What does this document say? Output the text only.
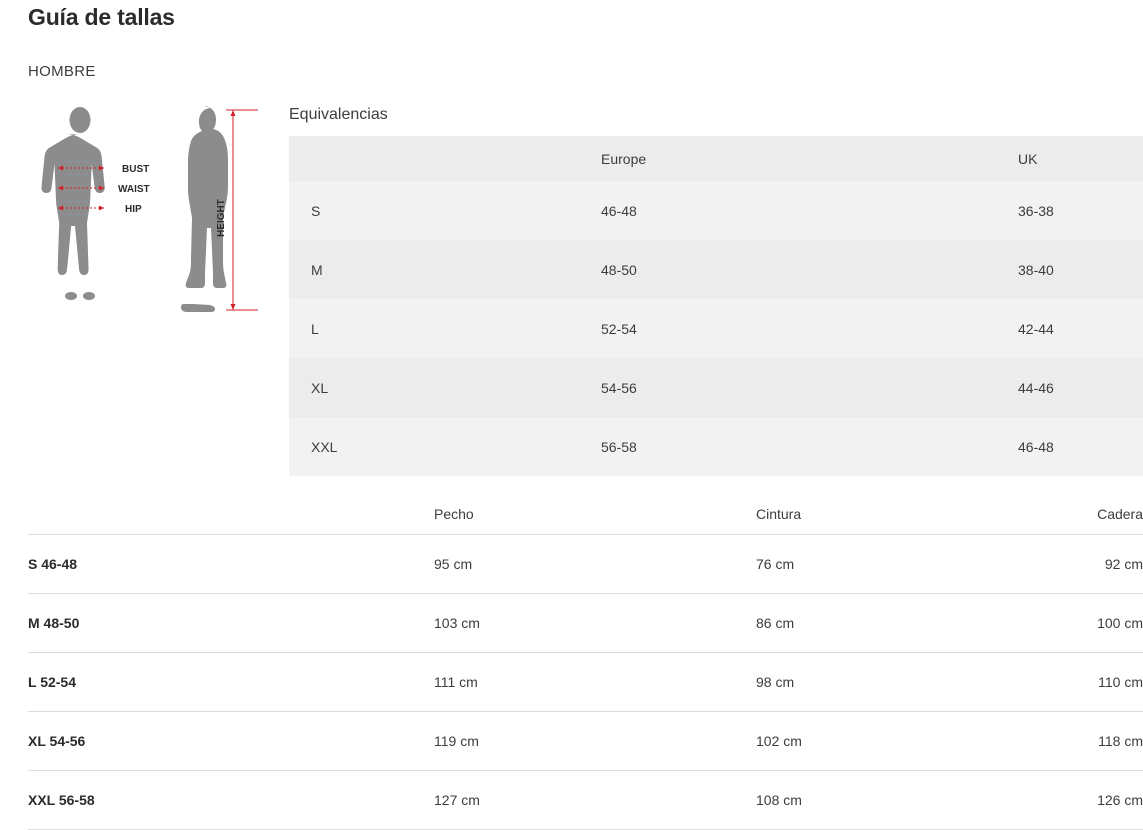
Guía de tallas
HOMBRE
BUST
WAIST
HIP	HEIGHT
Equivalencias
	Europe	UK
S	46-48	36-38
M	48-50	38-40
L	52-54	42-44
XL	54-56	44-46
XXL	56-58	46-48
	Pecho	Cintura	Cadera
S 46-48	95 cm	76 cm	92 cm
M 48-50	103 cm	86 cm	100 cm
L 52-54	111 cm	98 cm	110 cm
XL 54-56	119 cm	102 cm	118 cm
XXL 56-58	127 cm	108 cm	126 cm
